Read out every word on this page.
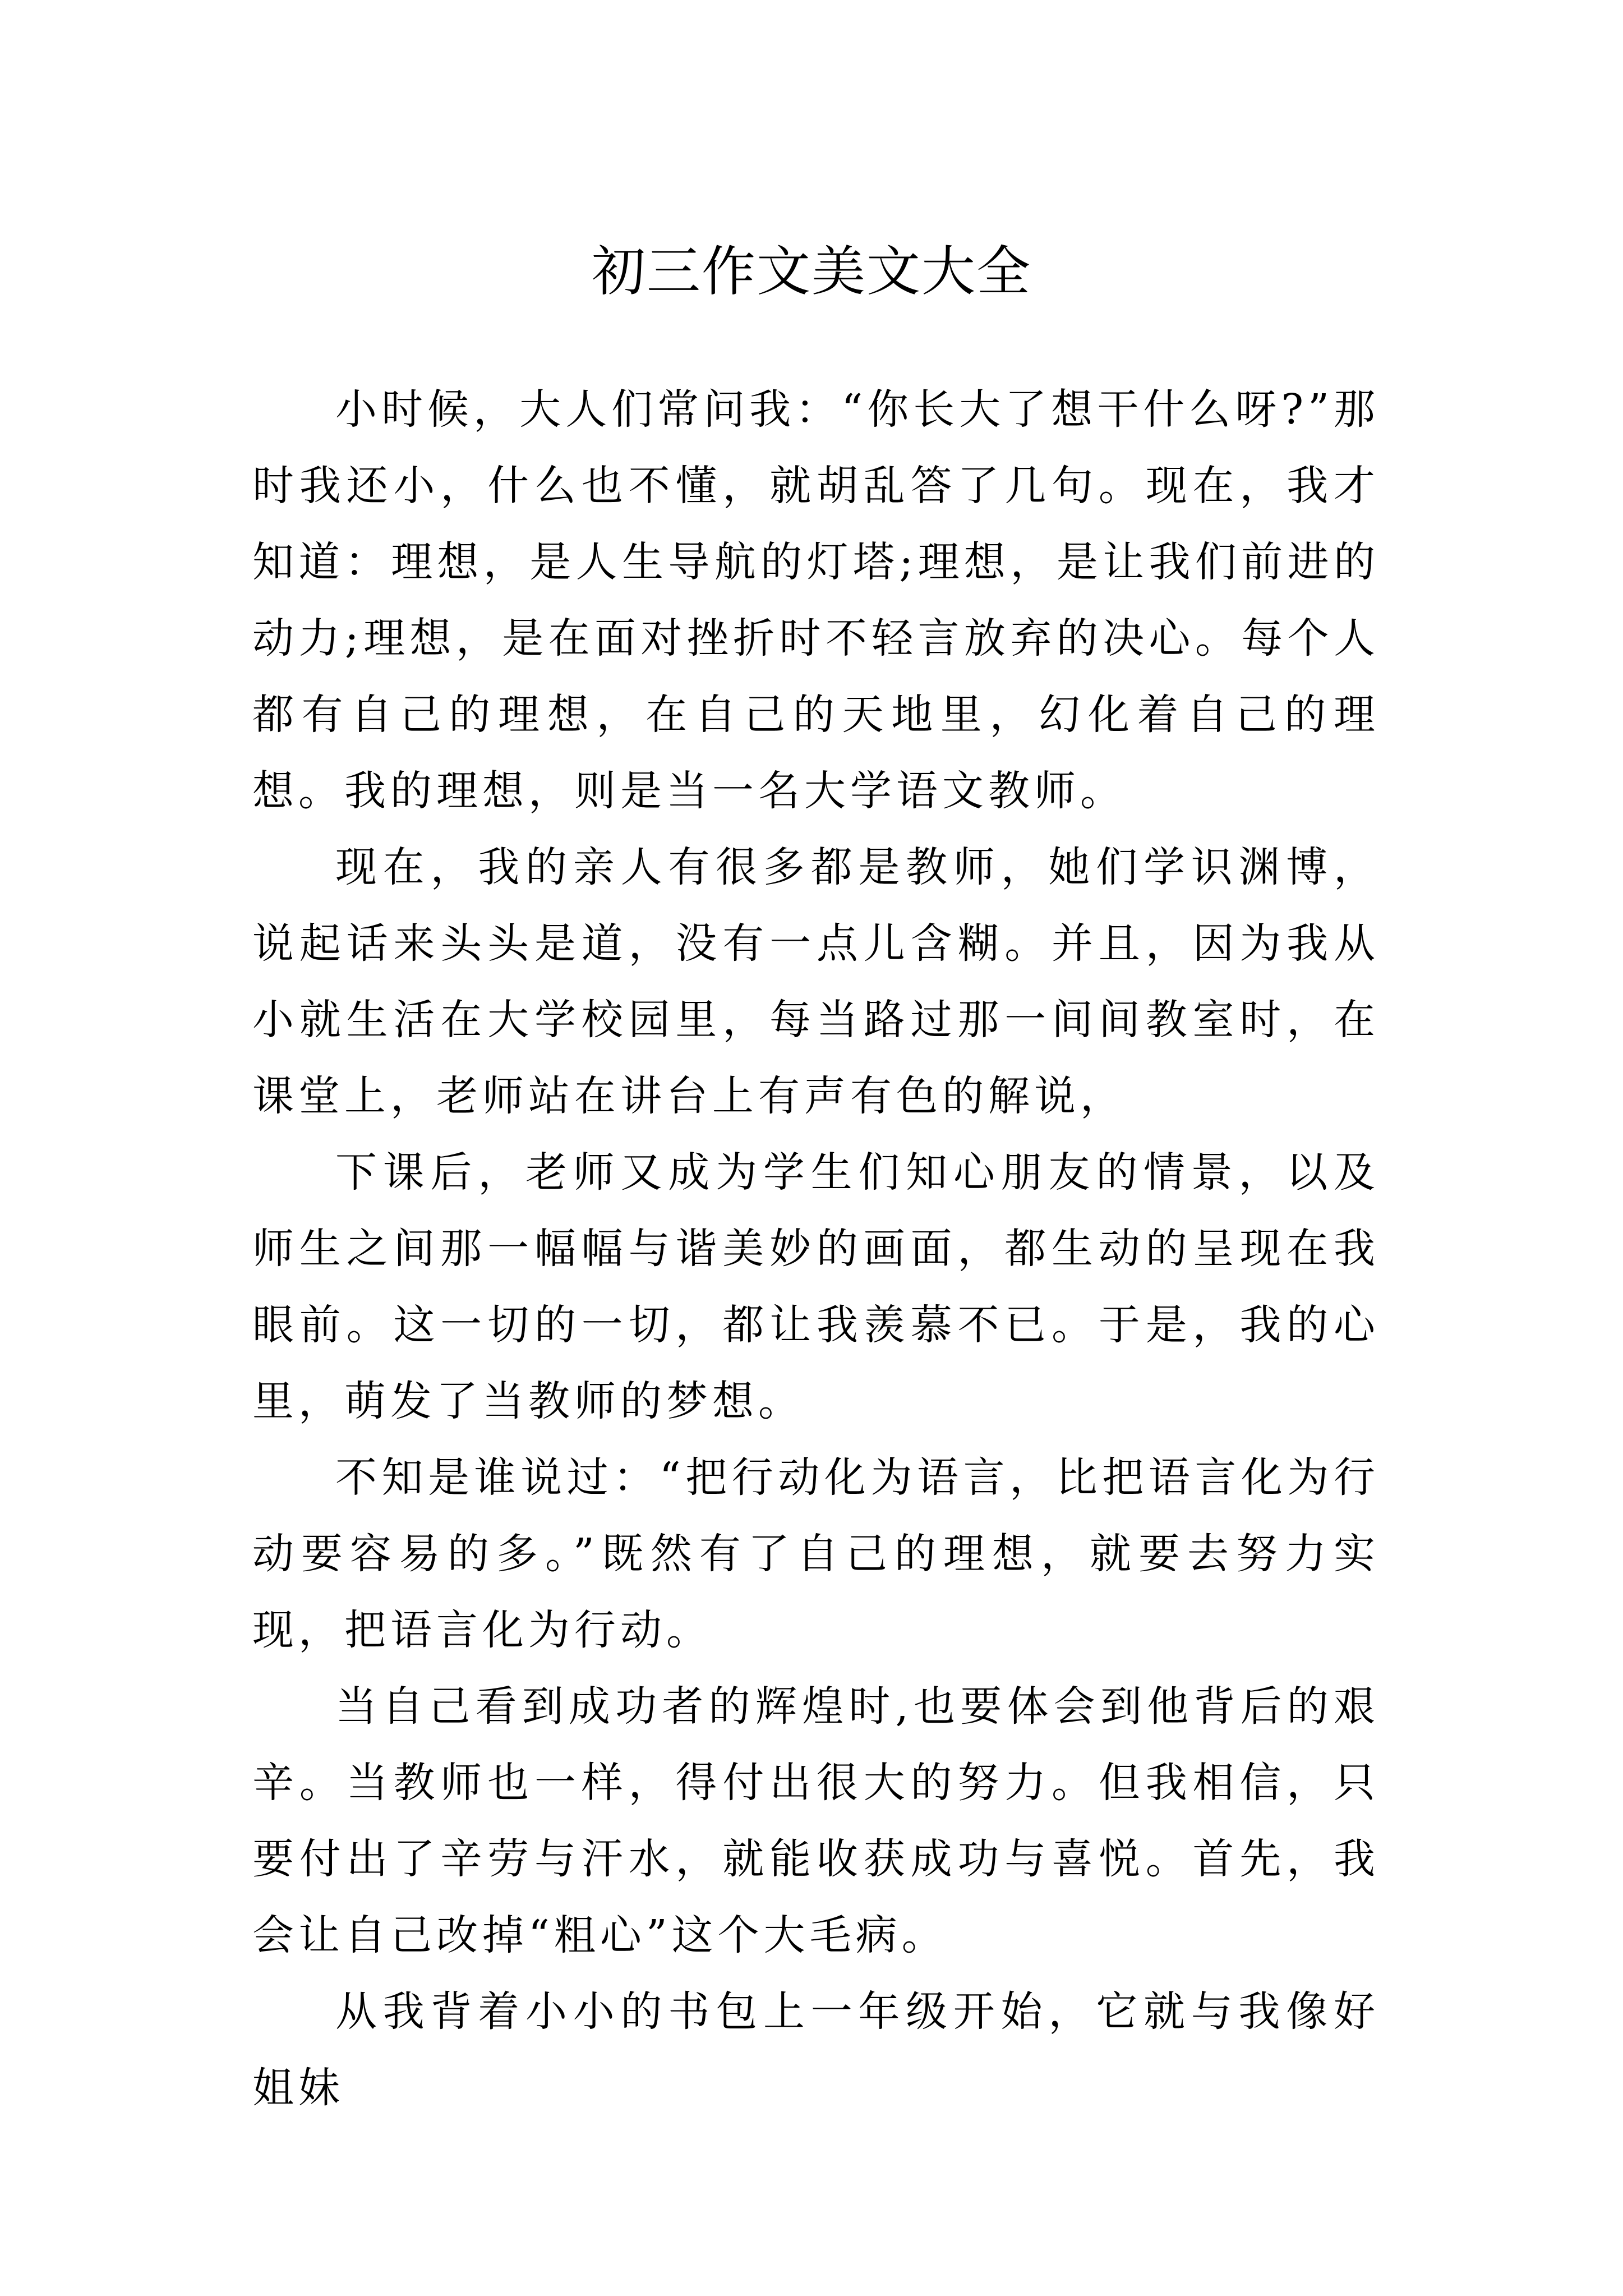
初三作文美文大全

小时候，大人们常问我：“你长大了想干什么呀?”那时我还小，什么也不懂，就胡乱答了几句。现在，我才知道：理想，是人生导航的灯塔;理想，是让我们前进的动力;理想，是在面对挫折时不轻言放弃的决心。每个人都有自己的理想，在自己的天地里，幻化着自己的理想。我的理想，则是当一名大学语文教师。

现在，我的亲人有很多都是教师，她们学识渊博，说起话来头头是道，没有一点儿含糊。并且，因为我从小就生活在大学校园里，每当路过那一间间教室时，在课堂上，老师站在讲台上有声有色的解说，

下课后，老师又成为学生们知心朋友的情景，以及师生之间那一幅幅与谐美妙的画面，都生动的呈现在我眼前。这一切的一切，都让我羡慕不已。于是，我的心里，萌发了当教师的梦想。

不知是谁说过：“把行动化为语言，比把语言化为行动要容易的多。”既然有了自己的理想，就要去努力实现，把语言化为行动。

当自己看到成功者的辉煌时,也要体会到他背后的艰辛。当教师也一样，得付出很大的努力。但我相信，只要付出了辛劳与汗水，就能收获成功与喜悦。首先，我会让自己改掉“粗心”这个大毛病。

从我背着小小的书包上一年级开始，它就与我像好姐妹
